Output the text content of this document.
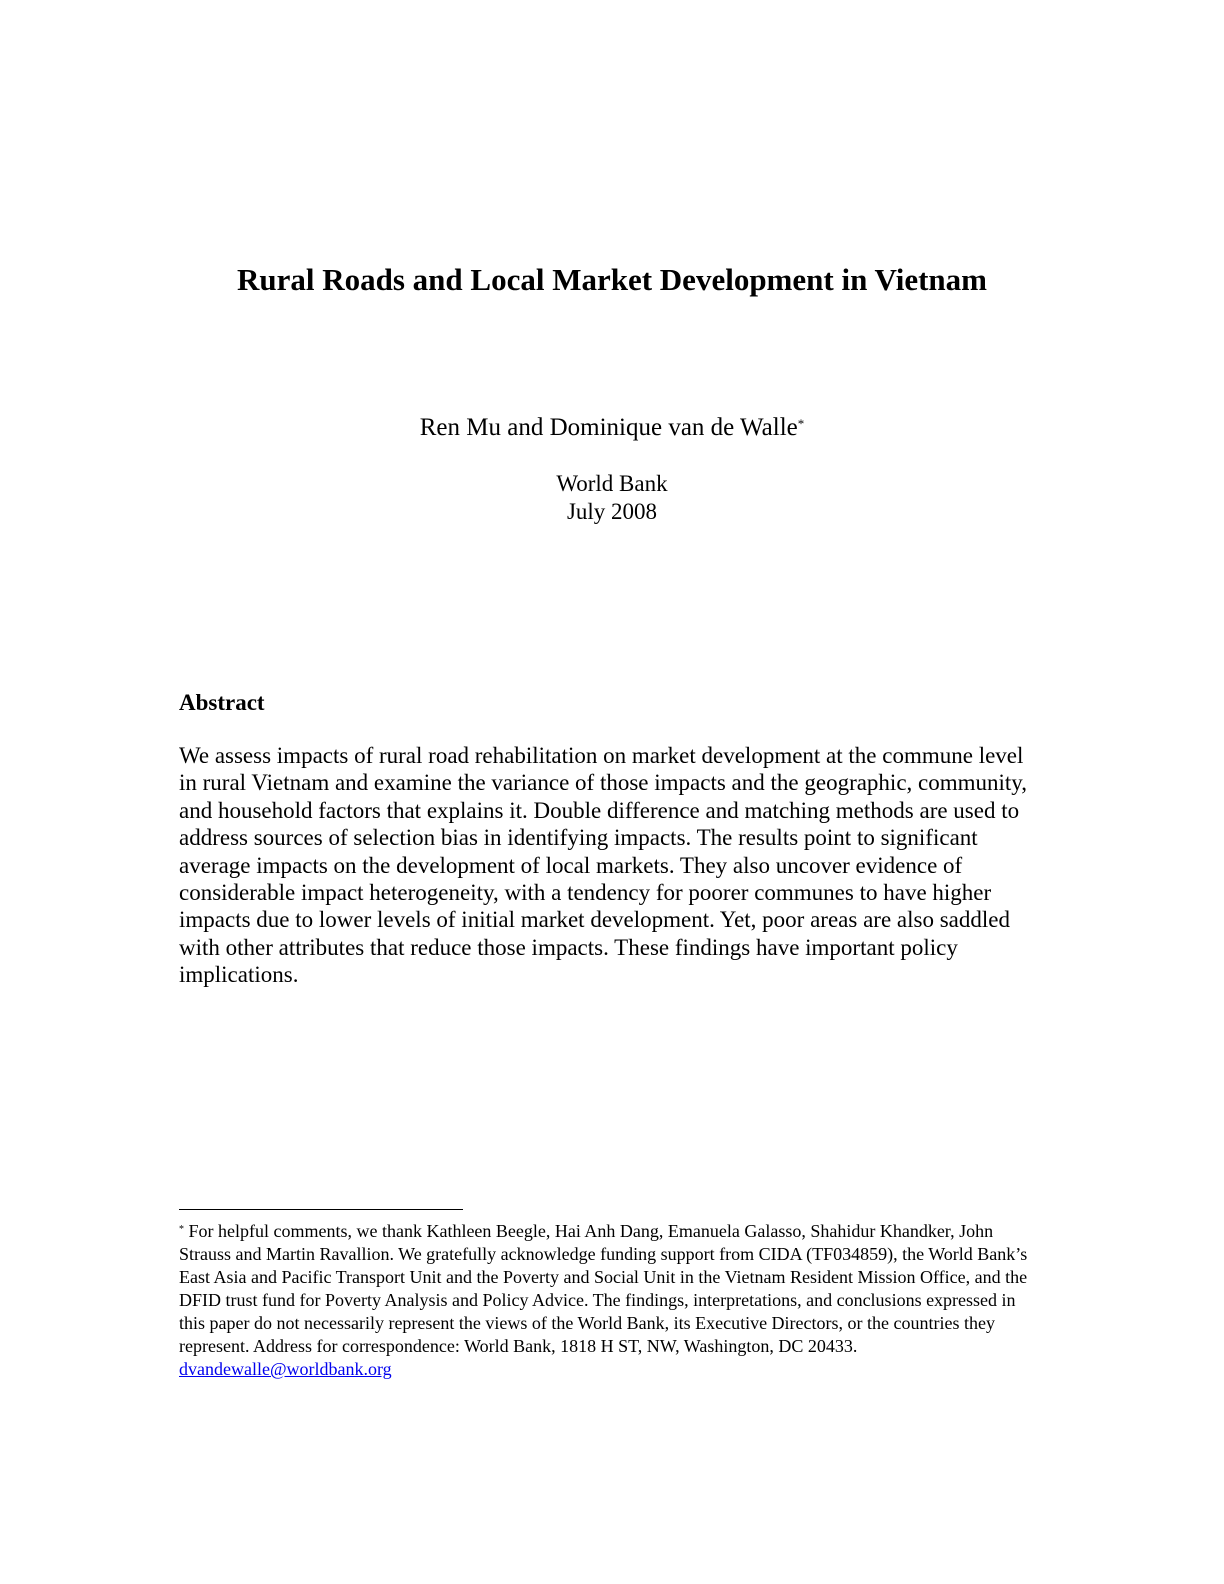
Rural Roads and Local Market Development in Vietnam
Ren Mu and Dominique van de Walle*
World Bank
July 2008
Abstract

We assess impacts of rural road rehabilitation on market development at the commune level in rural Vietnam and examine the variance of those impacts and the geographic, community, and household factors that explains it. Double difference and matching methods are used to address sources of selection bias in identifying impacts. The results point to significant average impacts on the development of local markets. They also uncover evidence of considerable impact heterogeneity, with a tendency for poorer communes to have higher impacts due to lower levels of initial market development. Yet, poor areas are also saddled with other attributes that reduce those impacts. These findings have important policy implications.

* For helpful comments, we thank Kathleen Beegle, Hai Anh Dang, Emanuela Galasso, Shahidur Khandker, John Strauss and Martin Ravallion. We gratefully acknowledge funding support from CIDA (TF034859), the World Bank’s East Asia and Pacific Transport Unit and the Poverty and Social Unit in the Vietnam Resident Mission Office, and the DFID trust fund for Poverty Analysis and Policy Advice. The findings, interpretations, and conclusions expressed in this paper do not necessarily represent the views of the World Bank, its Executive Directors, or the countries they represent. Address for correspondence: World Bank, 1818 H ST, NW, Washington, DC 20433. dvandewalle@worldbank.org
